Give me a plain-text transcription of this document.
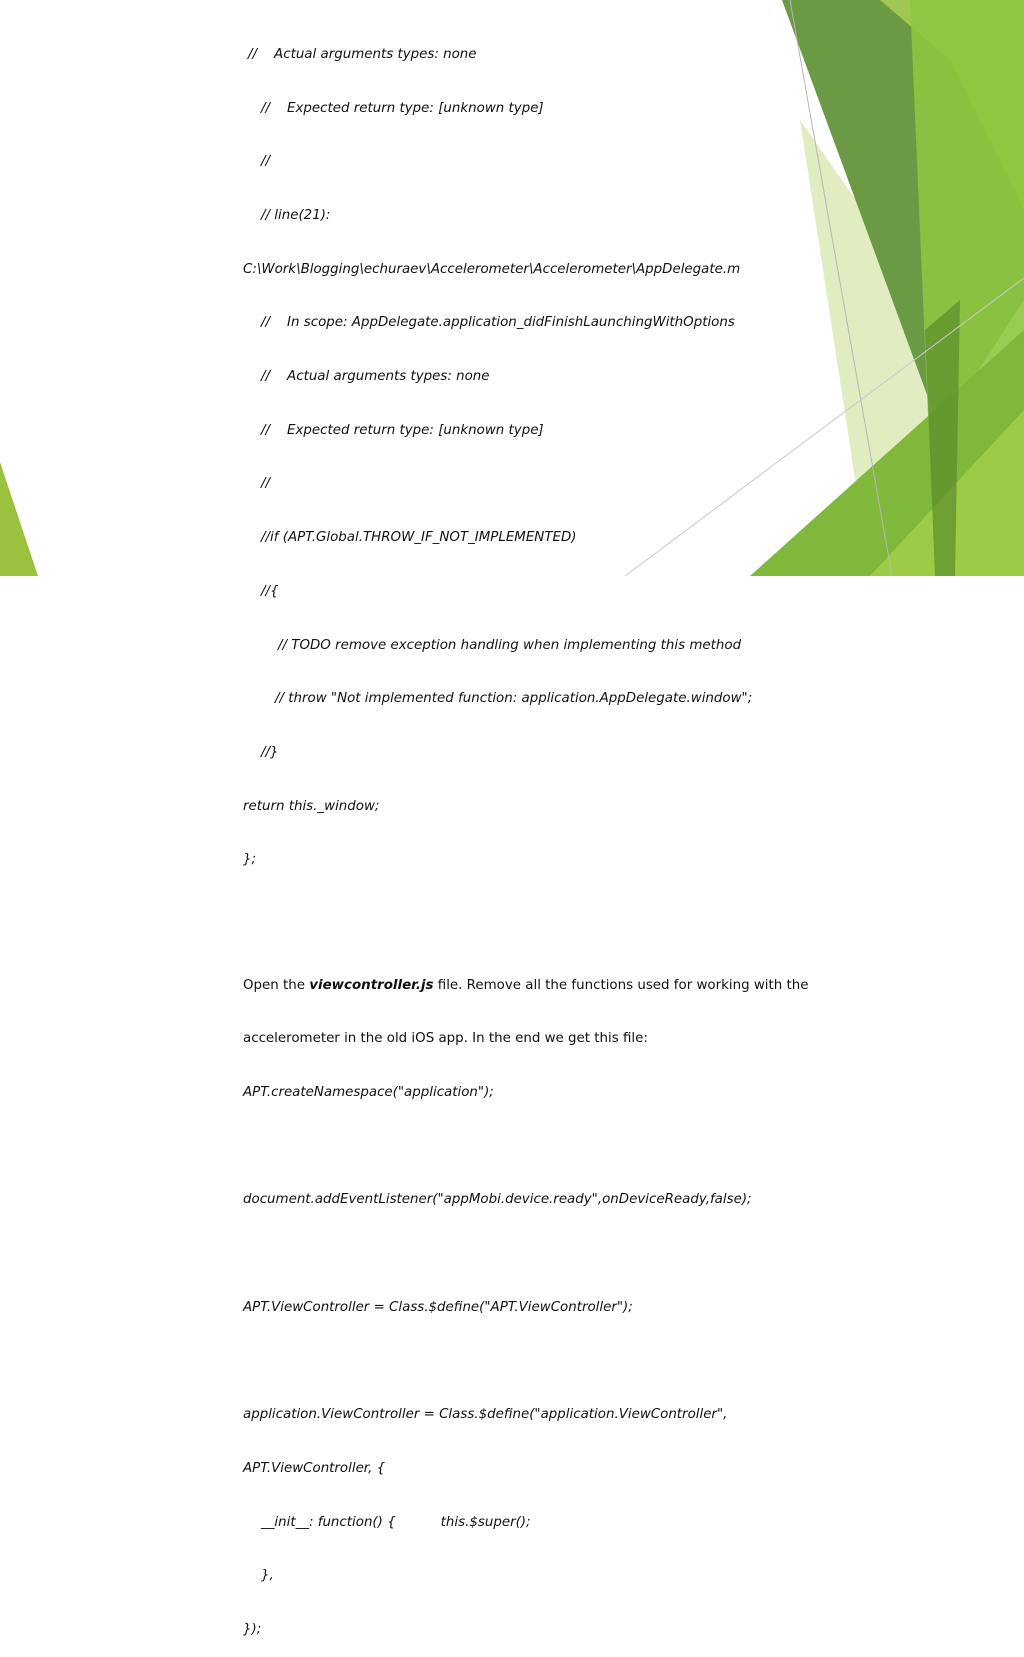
//    Actual arguments types: none

//    Expected return type: [unknown type]

//

// line(21):

C:\Work\Blogging\echuraev\Accelerometer\Accelerometer\AppDelegate.m

//    In scope: AppDelegate.application_didFinishLaunchingWithOptions

//    Actual arguments types: none

//    Expected return type: [unknown type]

//

//if (APT.Global.THROW_IF_NOT_IMPLEMENTED)

//{

// TODO remove exception handling when implementing this method

// throw "Not implemented function: application.AppDelegate.window";

//}

return this._window;

};

Open the viewcontroller.js file. Remove all the functions used for working with the

accelerometer in the old iOS app. In the end we get this file:

APT.createNamespace("application");

document.addEventListener("appMobi.device.ready",onDeviceReady,false);

APT.ViewController = Class.$define("APT.ViewController");

application.ViewController = Class.$define("application.ViewController",

APT.ViewController, {

__init__: function() {	this.$super();

},

});
